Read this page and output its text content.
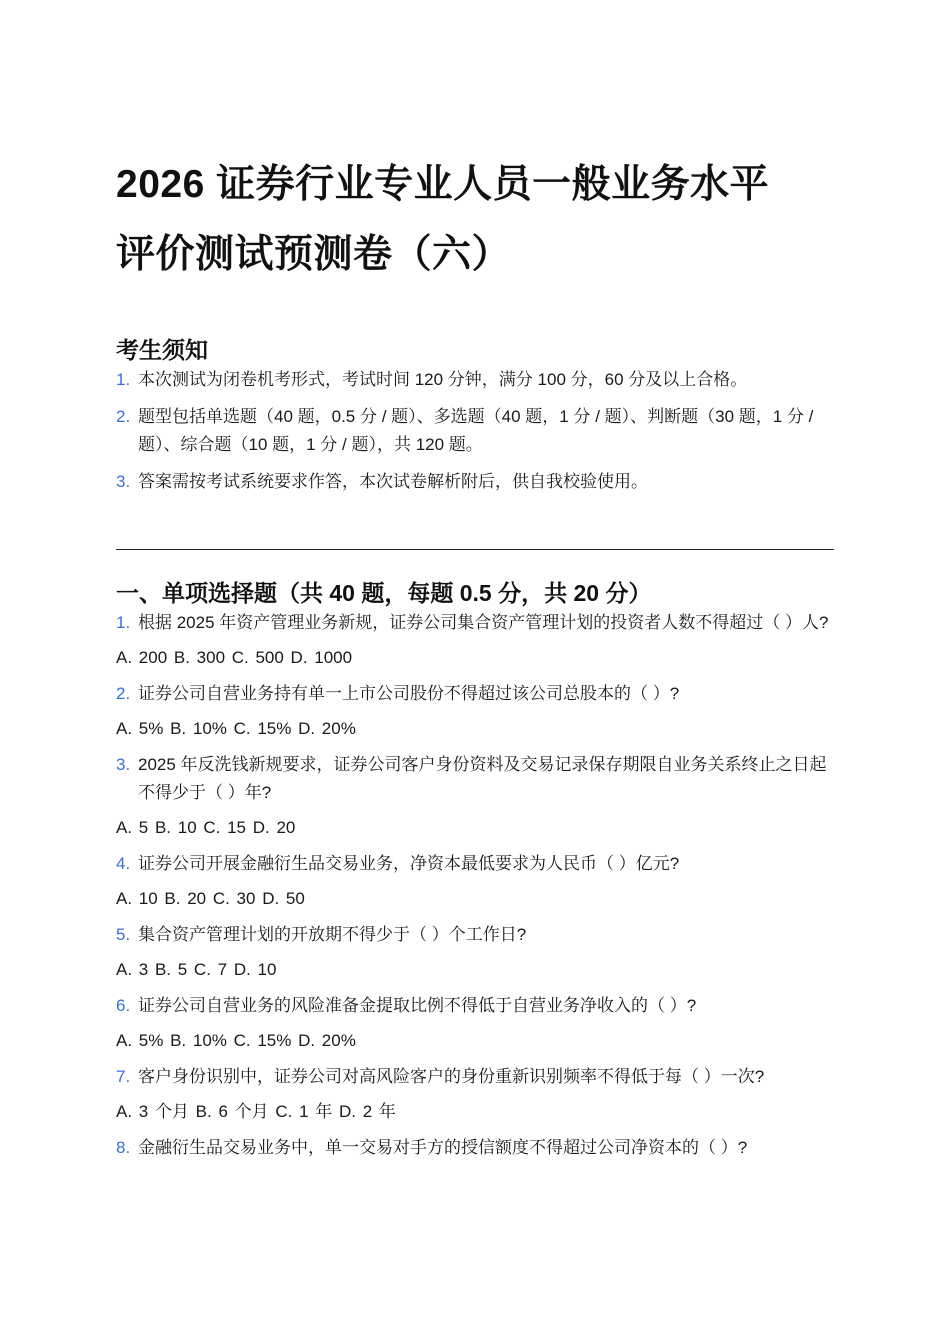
2026 证券行业专业人员一般业务水平
评价测试预测卷（六）
考生须知
1. 本次测试为闭卷机考形式，考试时间 120 分钟，满分 100 分，60 分及以上合格。
2. 题型包括单选题（40 题，0.5 分 / 题）、多选题（40 题，1 分 / 题）、判断题（30 题，1 分 / 题）、综合题（10 题，1 分 / 题），共 120 题。
3. 答案需按考试系统要求作答，本次试卷解析附后，供自我校验使用。
一、单项选择题（共 40 题，每题 0.5 分，共 20 分）
1. 根据 2025 年资产管理业务新规，证券公司集合资产管理计划的投资者人数不得超过（ ）人?
A. 200 B. 300 C. 500 D. 1000
2. 证券公司自营业务持有单一上市公司股份不得超过该公司总股本的（ ）?
A. 5% B. 10% C. 15% D. 20%
3. 2025 年反洗钱新规要求，证券公司客户身份资料及交易记录保存期限自业务关系终止之日起不得少于（ ）年?
A. 5 B. 10 C. 15 D. 20
4. 证券公司开展金融衍生品交易业务，净资本最低要求为人民币（ ）亿元?
A. 10 B. 20 C. 30 D. 50
5. 集合资产管理计划的开放期不得少于（ ）个工作日?
A. 3 B. 5 C. 7 D. 10
6. 证券公司自营业务的风险准备金提取比例不得低于自营业务净收入的（ ）?
A. 5% B. 10% C. 15% D. 20%
7. 客户身份识别中，证券公司对高风险客户的身份重新识别频率不得低于每（ ）一次?
A. 3 个月 B. 6 个月 C. 1 年 D. 2 年
8. 金融衍生品交易业务中，单一交易对手方的授信额度不得超过公司净资本的（ ）?
